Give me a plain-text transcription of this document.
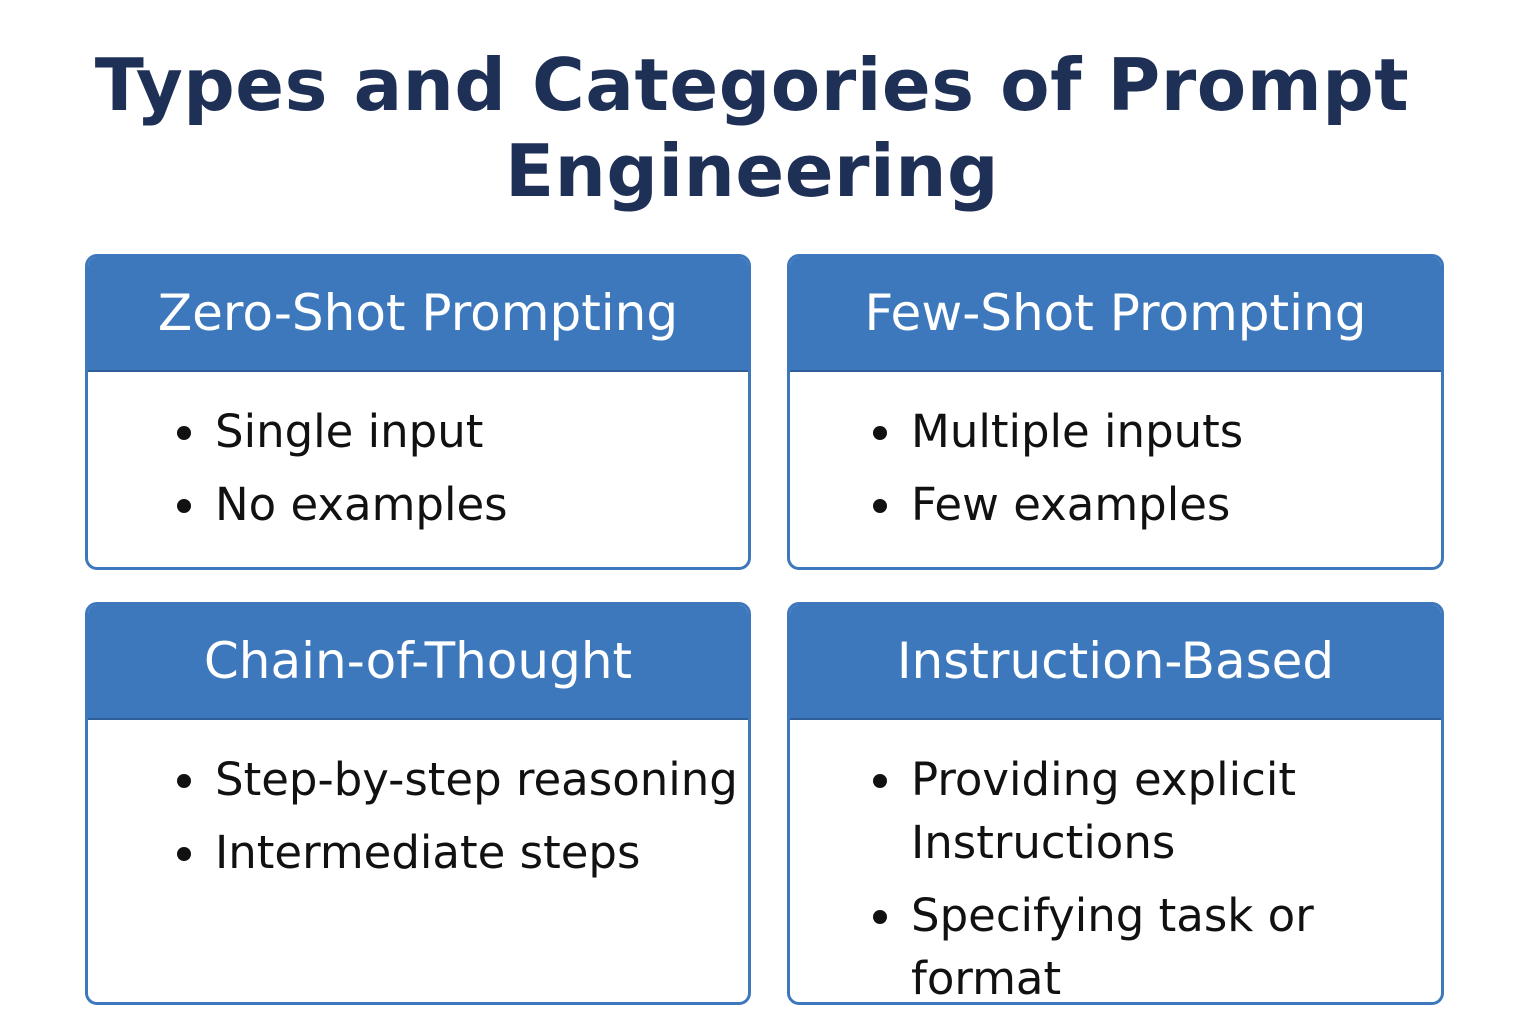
Types and Categories of Prompt
Engineering
Zero-Shot Prompting
Single input
No examples
Few-Shot Prompting
Multiple inputs
Few examples
Chain-of-Thought
Step-by-step reasoning
Intermediate steps
Instruction-Based
Providing explicit
Instructions
Specifying task or
format
